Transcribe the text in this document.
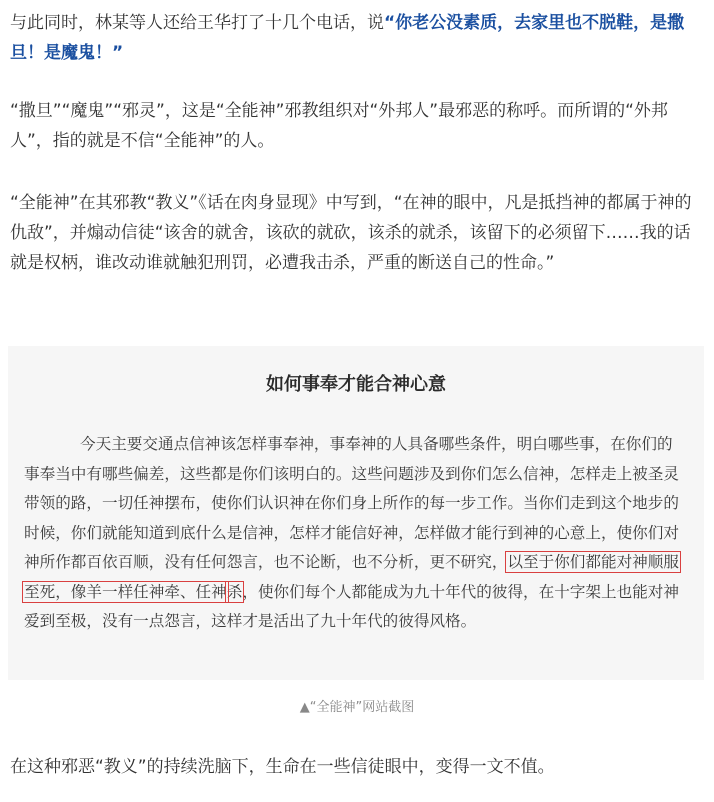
与此同时，林某等人还给王华打了十几个电话，说“你老公没素质，去家里也不脱鞋，是撒旦！是魔鬼！”
“撒旦”“魔鬼”“邪灵”，这是“全能神”邪教组织对“外邦人”最邪恶的称呼。而所谓的“外邦人”，指的就是不信“全能神”的人。
“全能神”在其邪教“教义”《话在肉身显现》中写到，“在神的眼中，凡是抵挡神的都属于神的仇敌”，并煽动信徒“该舍的就舍，该砍的就砍，该杀的就杀，该留下的必须留下……我的话就是权柄，谁改动谁就触犯刑罚，必遭我击杀，严重的断送自己的性命。”
如何事奉才能合神心意
今天主要交通点信神该怎样事奉神，事奉神的人具备哪些条件，明白哪些事，在你们的事奉当中有哪些偏差，这些都是你们该明白的。这些问题涉及到你们怎么信神，怎样走上被圣灵带领的路，一切任神摆布，使你们认识神在你们身上所作的每一步工作。当你们走到这个地步的时候，你们就能知道到底什么是信神，怎样才能信好神，怎样做才能行到神的心意上，使你们对神所作都百依百顺，没有任何怨言，也不论断，也不分析，更不研究，以至于你们都能对神顺服至死，像羊一样任神牵、任神杀，使你们每个人都能成为九十年代的彼得，在十字架上也能对神爱到至极，没有一点怨言，这样才是活出了九十年代的彼得风格。
▲“全能神”网站截图
在这种邪恶“教义”的持续洗脑下，生命在一些信徒眼中，变得一文不值。
